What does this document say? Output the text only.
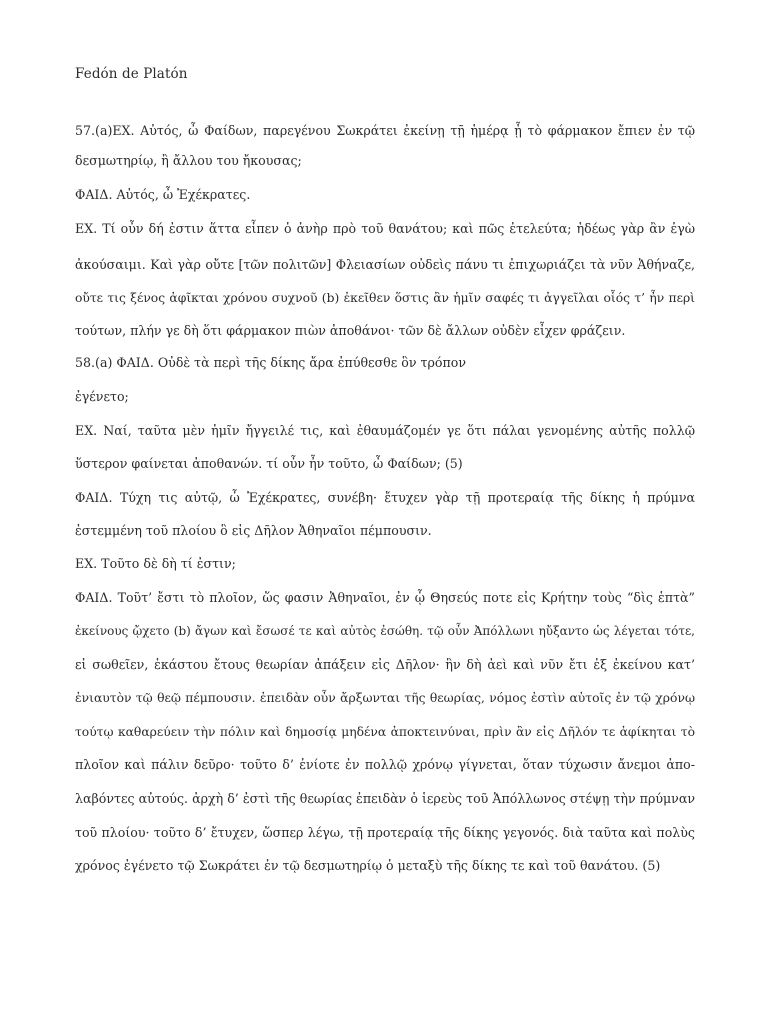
Fedón de Platón
57.(a)ΕΧ. Αὐτός, ὦ Φαίδων, παρεγένου Σωκράτει ἐκείνῃ τῇ ἡμέρᾳ ᾗ τὸ φάρμακον ἔπιεν ἐν τῷ
δεσμωτηρίῳ, ἢ ἄλλου του ἤκουσας;
ΦΑΙΔ. Αὐτός, ὦ Ἐχέκρατες.
ΕΧ. Τί οὖν δή ἐστιν ἅττα εἶπεν ὁ ἀνὴρ πρὸ τοῦ θανάτου; καὶ πῶς ἐτελεύτα; ἡδέως γὰρ ἂν ἐγὼ
ἀκούσαιμι. Καὶ γὰρ οὔτε [τῶν πολιτῶν] Φλειασίων οὐδεὶς πάνυ τι ἐπιχωριάζει τὰ νῦν Ἀθήναζε,
οὔτε τις ξένος ἀφῖκται χρόνου συχνοῦ (b) ἐκεῖθεν ὅστις ἂν ἡμῖν σαφές τι ἀγγεῖλαι οἷός τ’ ἦν περὶ
τούτων, πλήν γε δὴ ὅτι φάρμακον πιὼν ἀποθάνοι· τῶν δὲ ἄλλων οὐδὲν εἶχεν φράζειν.
58.(a) ΦΑΙΔ. Οὐδὲ τὰ περὶ τῆς δίκης ἄρα ἐπύθεσθε ὃν τρόπον
ἐγένετο;
ΕΧ. Ναί, ταῦτα μὲν ἡμῖν ἤγγειλέ τις, καὶ ἐθαυμάζομέν γε ὅτι πάλαι γενομένης αὐτῆς πολλῷ
ὕστερον φαίνεται ἀποθανών. τί οὖν ἦν τοῦτο, ὦ Φαίδων; (5)
ΦΑΙΔ. Τύχη τις αὐτῷ, ὦ Ἐχέκρατες, συνέβη· ἔτυχεν γὰρ τῇ προτεραίᾳ τῆς δίκης ἡ πρύμνα
ἐστεμμένη τοῦ πλοίου ὃ εἰς Δῆλον Ἀθηναῖοι πέμπουσιν.
ΕΧ. Τοῦτο δὲ δὴ τί ἐστιν;
ΦΑΙΔ. Τοῦτ’ ἔστι τὸ πλοῖον, ὥς φασιν Ἀθηναῖοι, ἐν ᾧ Θησεύς ποτε εἰς Κρήτην τοὺς “δὶς ἑπτὰ”
ἐκείνους ᾤχετο (b) ἄγων καὶ ἔσωσέ τε καὶ αὐτὸς ἐσώθη. τῷ οὖν Ἀπόλλωνι ηὔξαντο ὡς λέγεται τότε,
εἰ σωθεῖεν, ἑκάστου ἔτους θεωρίαν ἀπάξειν εἰς Δῆλον· ἣν δὴ ἀεὶ καὶ νῦν ἔτι ἐξ ἐκείνου κατ’
ἐνιαυτὸν τῷ θεῷ πέμπουσιν. ἐπειδὰν οὖν ἄρξωνται τῆς θεωρίας, νόμος ἐστὶν αὐτοῖς ἐν τῷ χρόνῳ
τούτῳ καθαρεύειν τὴν πόλιν καὶ δημοσίᾳ μηδένα ἀποκτεινύναι, πρὶν ἂν εἰς Δῆλόν τε ἀφίκηται τὸ
πλοῖον καὶ πάλιν δεῦρο· τοῦτο δ’ ἐνίοτε ἐν πολλῷ χρόνῳ γίγνεται, ὅταν τύχωσιν ἄνεμοι ἀπο-
λαβόντες αὐτούς. ἀρχὴ δ’ ἐστὶ τῆς θεωρίας ἐπειδὰν ὁ ἱερεὺς τοῦ Ἀπόλλωνος στέψῃ τὴν πρύμναν
τοῦ πλοίου· τοῦτο δ’ ἔτυχεν, ὥσπερ λέγω, τῇ προτεραίᾳ τῆς δίκης γεγονός. διὰ ταῦτα καὶ πολὺς
χρόνος ἐγένετο τῷ Σωκράτει ἐν τῷ δεσμωτηρίῳ ὁ μεταξὺ τῆς δίκης τε καὶ τοῦ θανάτου. (5)
